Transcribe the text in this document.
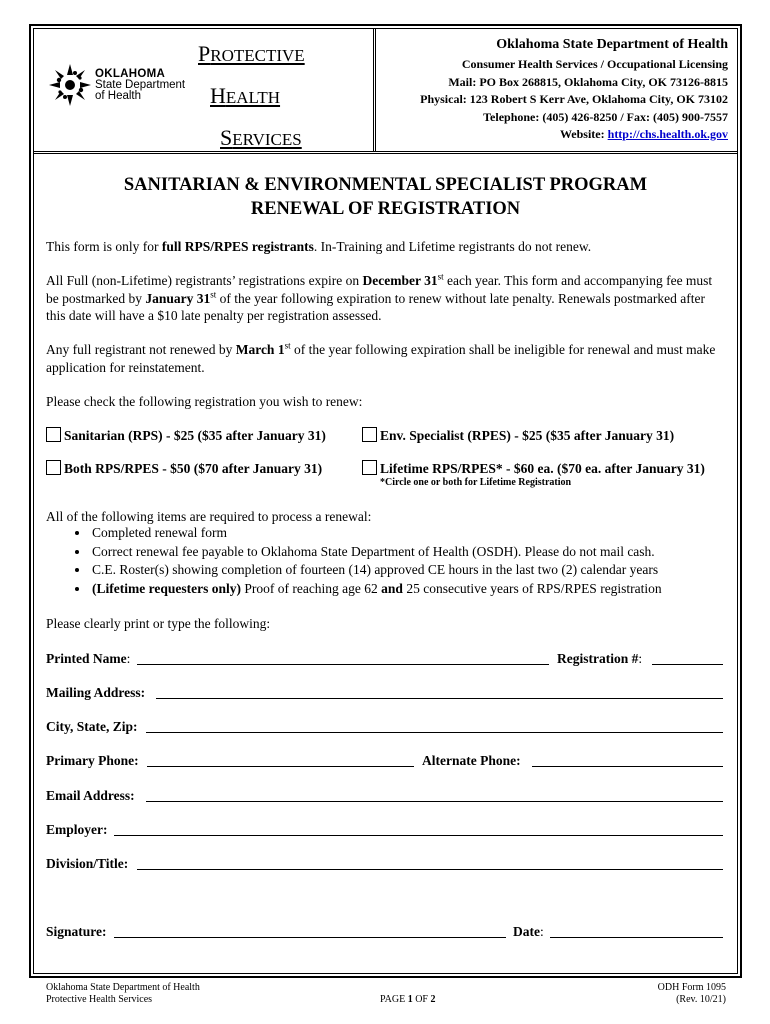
OKLAHOMA
State Department
of Health
PROTECTIVE
HEALTH
SERVICES
Oklahoma State Department of Health
Consumer Health Services / Occupational Licensing
Mail: PO Box 268815, Oklahoma City, OK 73126-8815
Physical: 123 Robert S Kerr Ave, Oklahoma City, OK 73102
Telephone: (405) 426-8250 / Fax: (405) 900-7557
Website: http://chs.health.ok.gov
SANITARIAN & ENVIRONMENTAL SPECIALIST PROGRAM
RENEWAL OF REGISTRATION
This form is only for full RPS/RPES registrants. In-Training and Lifetime registrants do not renew.
All Full (non-Lifetime) registrants’ registrations expire on December 31st each year. This form and accompanying fee must be postmarked by January 31st of the year following expiration to renew without late penalty. Renewals postmarked after this date will have a $10 late penalty per registration assessed.
Any full registrant not renewed by March 1st of the year following expiration shall be ineligible for renewal and must make application for reinstatement.
Please check the following registration you wish to renew:
Sanitarian (RPS) - $25 ($35 after January 31)	Env. Specialist (RPES) - $25 ($35 after January 31)
Both RPS/RPES - $50 ($70 after January 31)	Lifetime RPS/RPES* - $60 ea. ($70 ea. after January 31)
*Circle one or both for Lifetime Registration
All of the following items are required to process a renewal:
• Completed renewal form
• Correct renewal fee payable to Oklahoma State Department of Health (OSDH). Please do not mail cash.
• C.E. Roster(s) showing completion of fourteen (14) approved CE hours in the last two (2) calendar years
• (Lifetime requesters only) Proof of reaching age 62 and 25 consecutive years of RPS/RPES registration
Please clearly print or type the following:
Printed Name:	Registration #:
Mailing Address:
City, State, Zip:
Primary Phone:	Alternate Phone:
Email Address:
Employer:
Division/Title:
Signature:	Date:
Oklahoma State Department of Health
Protective Health Services	PAGE 1 OF 2
ODH Form 1095
(Rev. 10/21)
